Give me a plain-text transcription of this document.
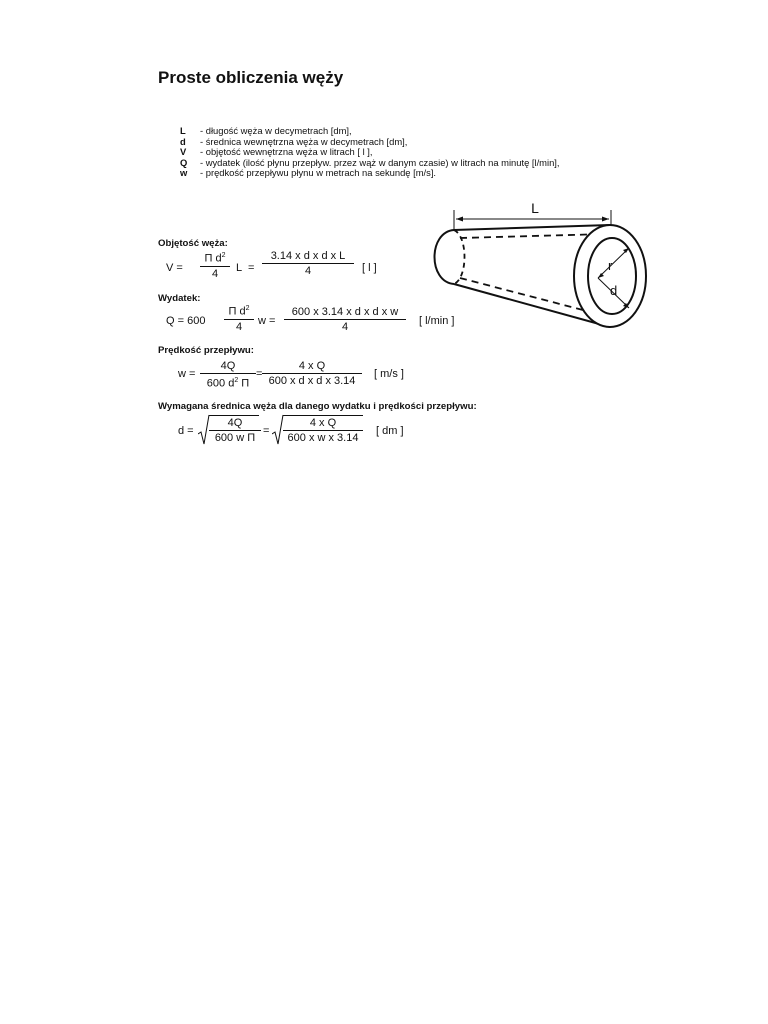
Proste obliczenia węży
L - długość węża w decymetrach [dm],
d - średnica wewnętrzna węża w decymetrach [dm],
V - objętość wewnętrzna węża w litrach [ l ],
Q - wydatek (ilość płynu przepływ. przez wąż w danym czasie) w litrach na minutę [l/min],
w - prędkość przepływu płynu w metrach na sekundę [m/s].
L
r
d
Objętość węża:
V =
Π $d^2$
4	L =
3.14 x d x d x L
4	[ l ]
Wydatek:
Q = 600
Π $d^2$
4	w =
600 x 3.14 x d x d x w
4	[ l/min ]
Prędkość przepływu:
w =
4Q
600 $d^2$ Π
=
4 x Q
600 x d x d x 3.14
[ m/s ]
Wymagana średnica węża dla danego wydatku i prędkości przepływu:
d =
4Q
600 w Π
=
4 x Q
600 x w x 3.14
[ dm ]
